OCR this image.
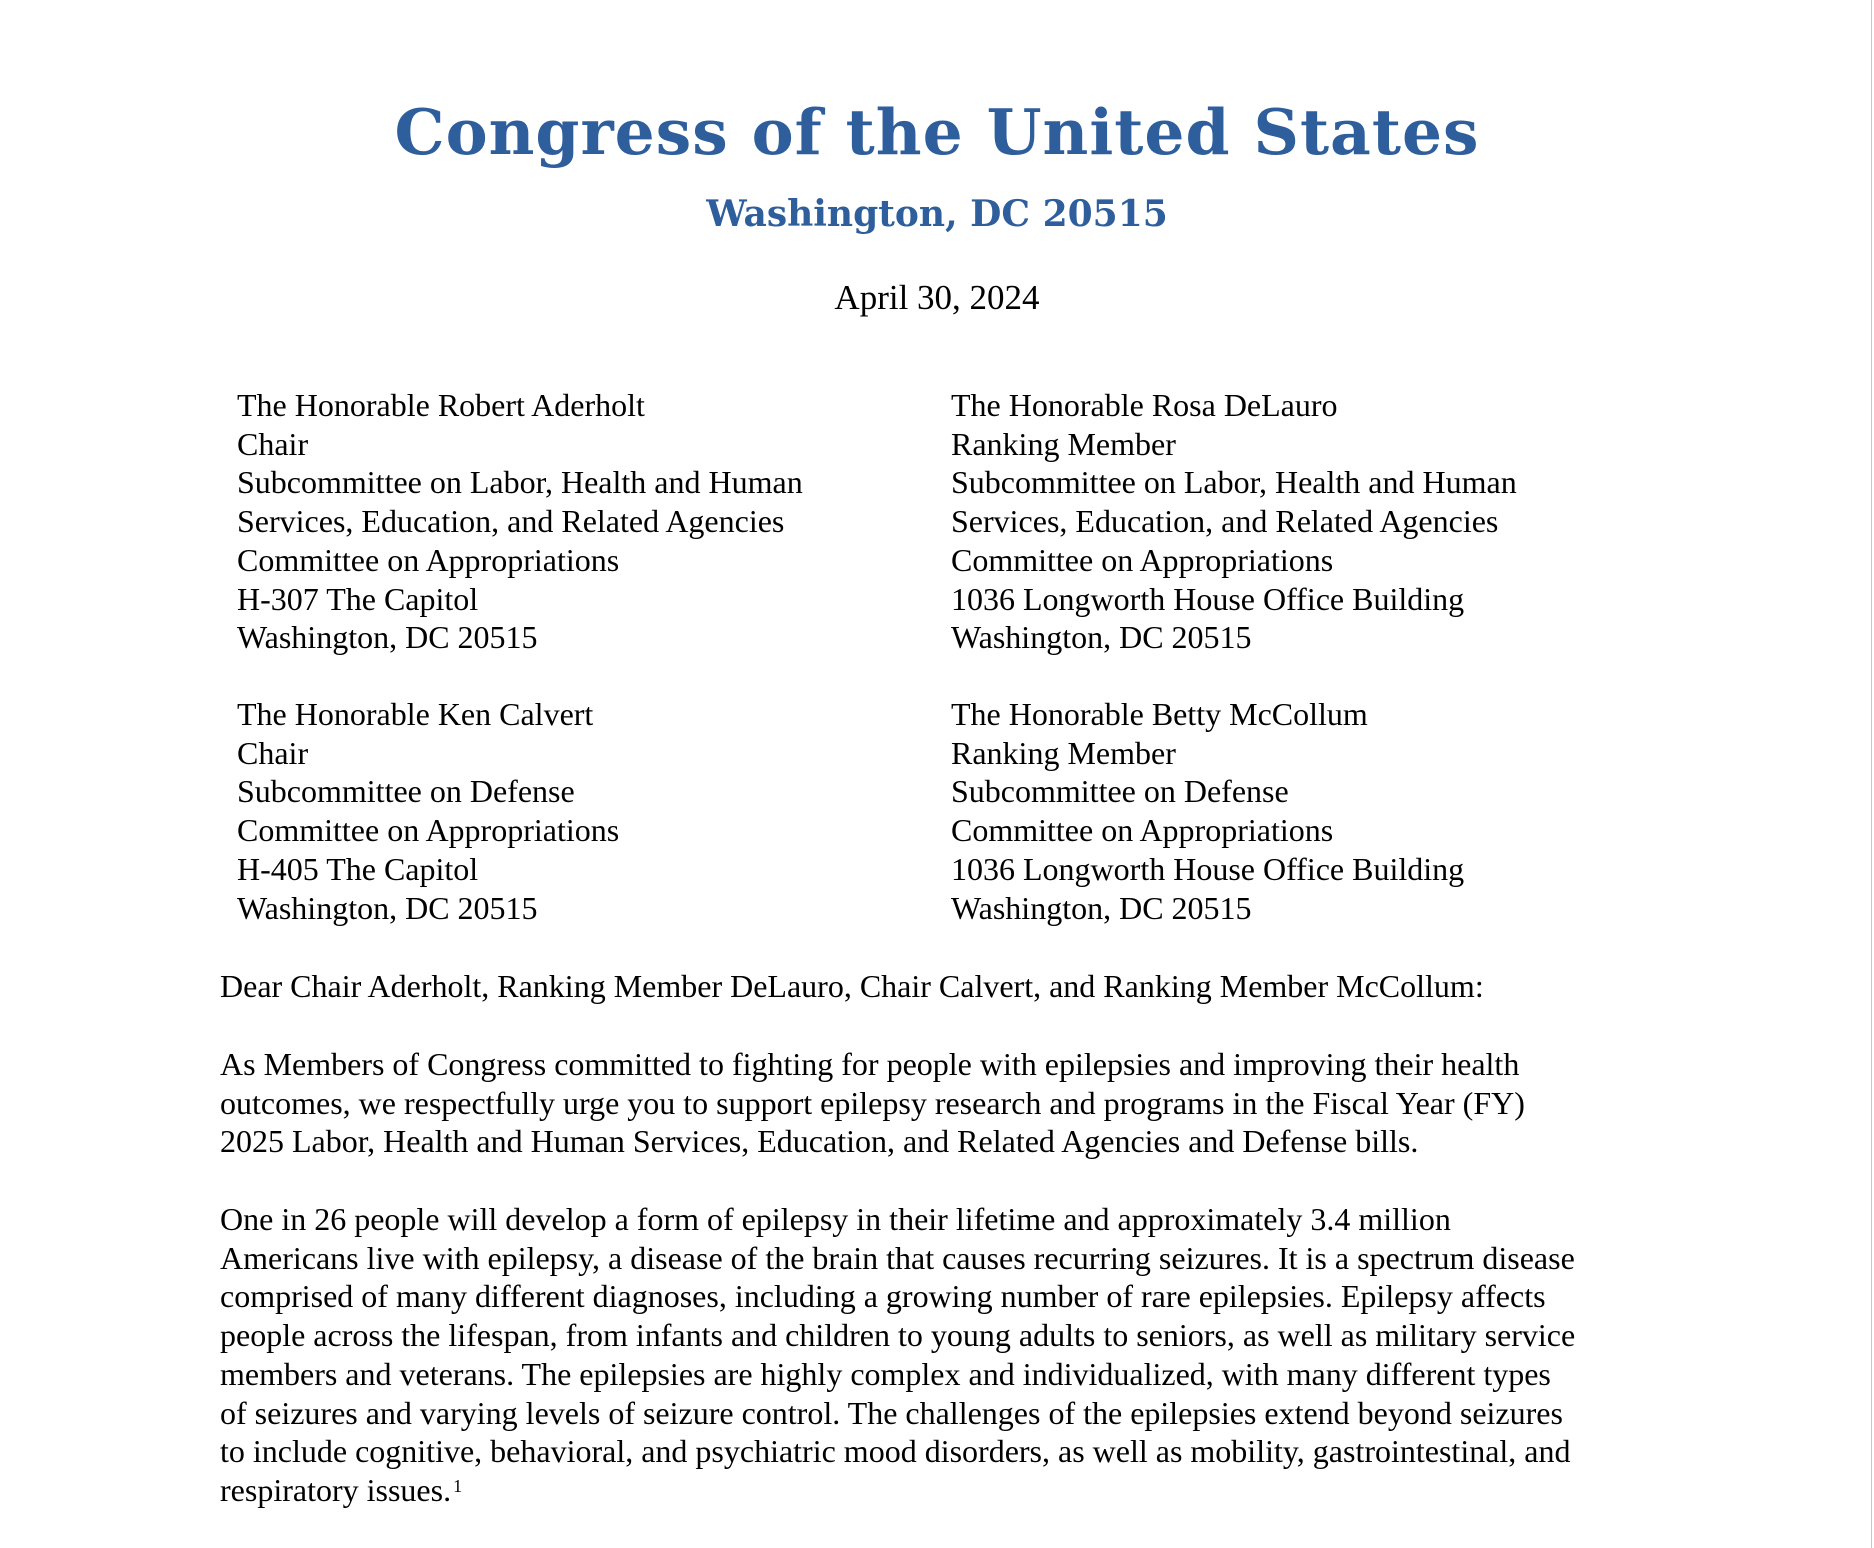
Congress of the United States
Washington, DC 20515
April 30, 2024
The Honorable Robert Aderholt
Chair
Subcommittee on Labor, Health and Human
Services, Education, and Related Agencies
Committee on Appropriations
H-307 The Capitol
Washington, DC 20515
The Honorable Rosa DeLauro
Ranking Member
Subcommittee on Labor, Health and Human
Services, Education, and Related Agencies
Committee on Appropriations
1036 Longworth House Office Building
Washington, DC 20515
The Honorable Ken Calvert
Chair
Subcommittee on Defense
Committee on Appropriations
H-405 The Capitol
Washington, DC 20515
The Honorable Betty McCollum
Ranking Member
Subcommittee on Defense
Committee on Appropriations
1036 Longworth House Office Building
Washington, DC 20515
Dear Chair Aderholt, Ranking Member DeLauro, Chair Calvert, and Ranking Member McCollum:
As Members of Congress committed to fighting for people with epilepsies and improving their health
outcomes, we respectfully urge you to support epilepsy research and programs in the Fiscal Year (FY)
2025 Labor, Health and Human Services, Education, and Related Agencies and Defense bills.
One in 26 people will develop a form of epilepsy in their lifetime and approximately 3.4 million
Americans live with epilepsy, a disease of the brain that causes recurring seizures. It is a spectrum disease
comprised of many different diagnoses, including a growing number of rare epilepsies. Epilepsy affects
people across the lifespan, from infants and children to young adults to seniors, as well as military service
members and veterans. The epilepsies are highly complex and individualized, with many different types
of seizures and varying levels of seizure control. The challenges of the epilepsies extend beyond seizures
to include cognitive, behavioral, and psychiatric mood disorders, as well as mobility, gastrointestinal, and
respiratory issues. $^1$
